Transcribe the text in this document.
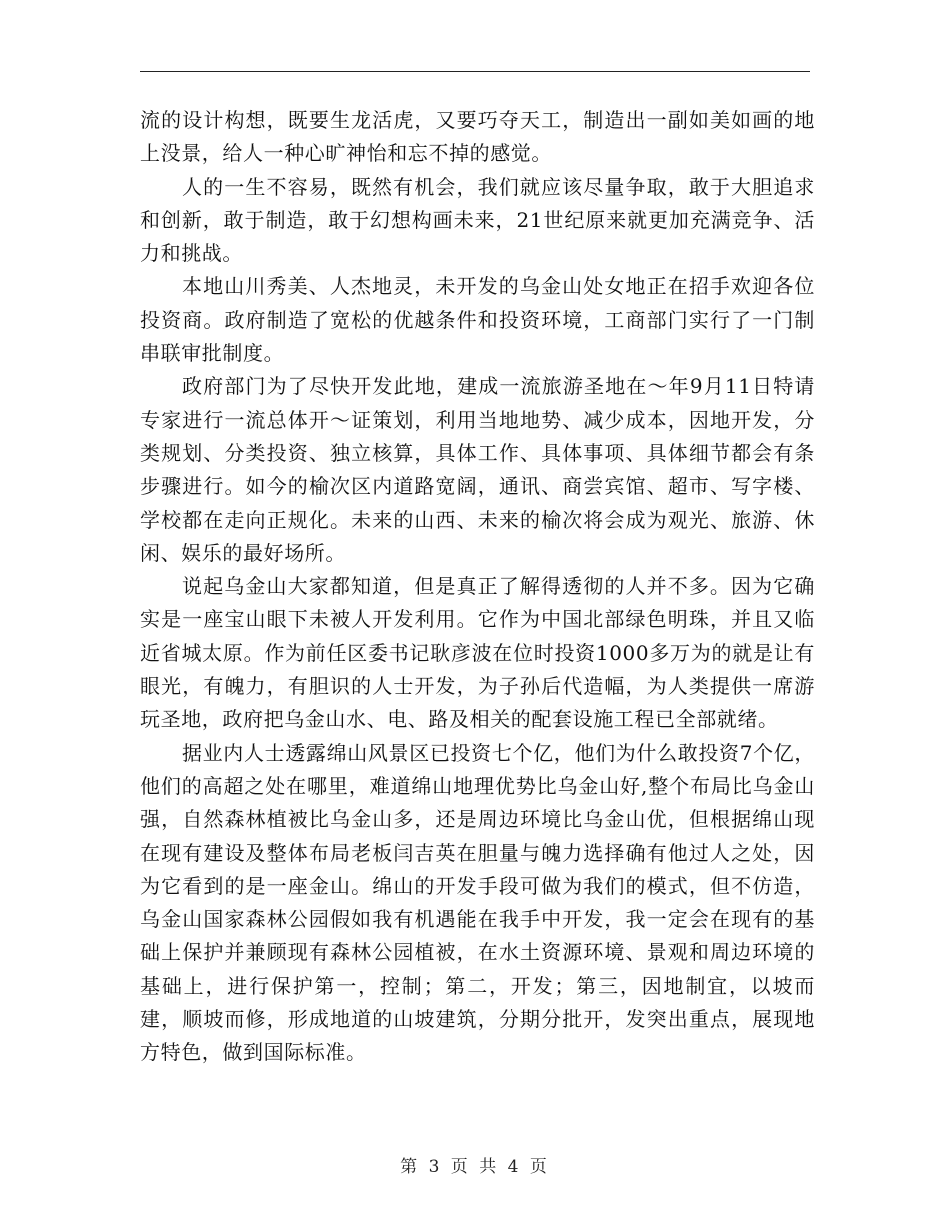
流的设计构想，既要生龙活虎，又要巧夺天工，制造出一副如美如画的地上没景，给人一种心旷神怡和忘不掉的感觉。

人的一生不容易，既然有机会，我们就应该尽量争取，敢于大胆追求和创新，敢于制造，敢于幻想构画未来，21世纪原来就更加充满竞争、活力和挑战。

本地山川秀美、人杰地灵，未开发的乌金山处女地正在招手欢迎各位投资商。政府制造了宽松的优越条件和投资环境，工商部门实行了一门制串联审批制度。

政府部门为了尽快开发此地，建成一流旅游圣地在～年9月11日特请专家进行一流总体开～证策划，利用当地地势、减少成本，因地开发，分类规划、分类投资、独立核算，具体工作、具体事项、具体细节都会有条步骤进行。如今的榆次区内道路宽阔，通讯、商尝宾馆、超市、写字楼、学校都在走向正规化。未来的山西、未来的榆次将会成为观光、旅游、休闲、娱乐的最好场所。

说起乌金山大家都知道，但是真正了解得透彻的人并不多。因为它确实是一座宝山眼下未被人开发利用。它作为中国北部绿色明珠，并且又临近省城太原。作为前任区委书记耿彦波在位时投资1000多万为的就是让有眼光，有魄力，有胆识的人士开发，为子孙后代造幅，为人类提供一席游玩圣地，政府把乌金山水、电、路及相关的配套设施工程已全部就绪。

据业内人士透露绵山风景区已投资七个亿，他们为什么敢投资7个亿，他们的高超之处在哪里，难道绵山地理优势比乌金山好,整个布局比乌金山强，自然森林植被比乌金山多，还是周边环境比乌金山优，但根据绵山现在现有建设及整体布局老板闫吉英在胆量与魄力选择确有他过人之处，因为它看到的是一座金山。绵山的开发手段可做为我们的模式，但不仿造，乌金山国家森林公园假如我有机遇能在我手中开发，我一定会在现有的基础上保护并兼顾现有森林公园植被，在水土资源环境、景观和周边环境的基础上，进行保护第一，控制；第二，开发；第三，因地制宜，以坡而建，顺坡而修，形成地道的山坡建筑，分期分批开，发突出重点，展现地方特色，做到国际标准。

第 3 页 共 4 页
